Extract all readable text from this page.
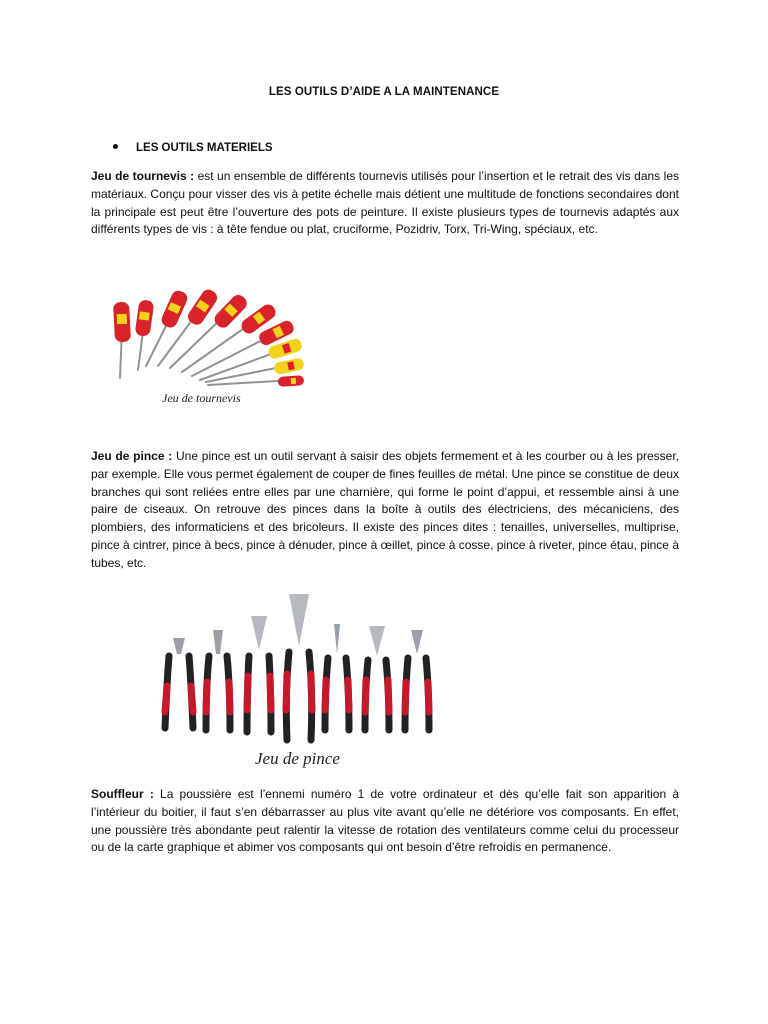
LES OUTILS D’AIDE A LA MAINTENANCE
LES OUTILS MATERIELS
Jeu de tournevis : est un ensemble de différents tournevis utilisés pour l’insertion et le retrait des vis dans les matériaux. Conçu pour visser des vis à petite échelle mais détient une multitude de fonctions secondaires dont la principale est peut être l’ouverture des pots de peinture. Il existe plusieurs types de tournevis adaptés aux différents types de vis : à tête fendue ou plat, cruciforme, Pozidriv, Torx, Tri-Wing, spéciaux, etc.
Jeu de tournevis
Jeu de pince : Une pince est un outil servant à saisir des objets fermement et à les courber ou à les presser, par exemple. Elle vous permet également de couper de fines feuilles de métal. Une pince se constitue de deux branches qui sont reliées entre elles par une charnière, qui forme le point d’appui, et ressemble ainsi à une paire de ciseaux. On retrouve des pinces dans la boîte à outils des électriciens, des mécaniciens, des plombiers, des informaticiens et des bricoleurs. Il existe des pinces dites : tenailles, universelles, multiprise, pince à cintrer, pince à becs, pince à dénuder, pince à œillet, pince à cosse, pince à riveter, pince étau, pince à tubes, etc.
Jeu de pince
Souffleur : La poussière est l’ennemi numéro 1 de votre ordinateur et dès qu’elle fait son apparition à l’intérieur du boitier, il faut s’en débarrasser au plus vite avant qu’elle ne détériore vos composants. En effet, une poussière très abondante peut ralentir la vitesse de rotation des ventilateurs comme celui du processeur ou de la carte graphique et abimer vos composants qui ont besoin d’être refroidis en permanence.
